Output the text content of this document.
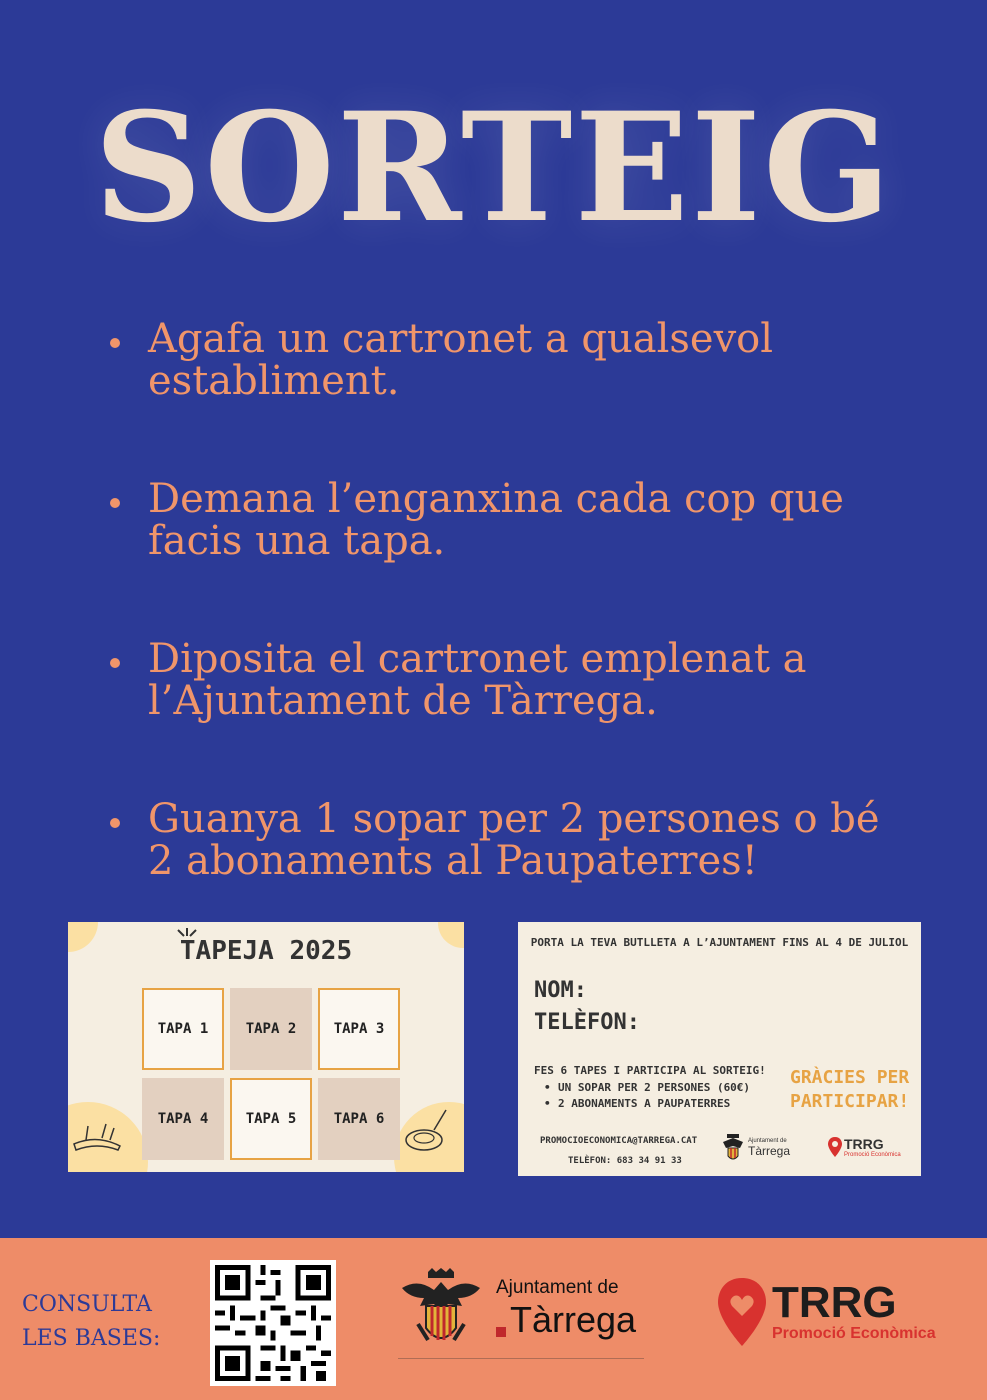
SORTEIG
Agafa un cartronet a qualsevol
establiment.
Demana l’enganxina cada cop que
facis una tapa.
Diposita el cartronet emplenat a
l’Ajuntament de Tàrrega.
Guanya 1 sopar per 2 persones o bé
2 abonaments al Paupaterres!
TAPEJA 2025
TAPA 1	TAPA 2	TAPA 3
TAPA 4	TAPA 5	TAPA 6
PORTA LA TEVA BUTLLETA A L’AJUNTAMENT FINS AL 4 DE JULIOL
NOM:
TELÈFON:
FES 6 TAPES I PARTICIPA AL SORTEIG!
• UN SOPAR PER 2 PERSONES (60€)
• 2 ABONAMENTS A PAUPATERRES
GRÀCIES PER
PARTICIPAR!
PROMOCIOECONOMICA@TARREGA.CAT
TELÈFON: 683 34 91 33
Ajuntament de
Tàrrega	TRRG
Promoció Econòmica
CONSULTA
LES BASES:
Ajuntament de
Tàrrega	TRRG
Promoció Econòmica
